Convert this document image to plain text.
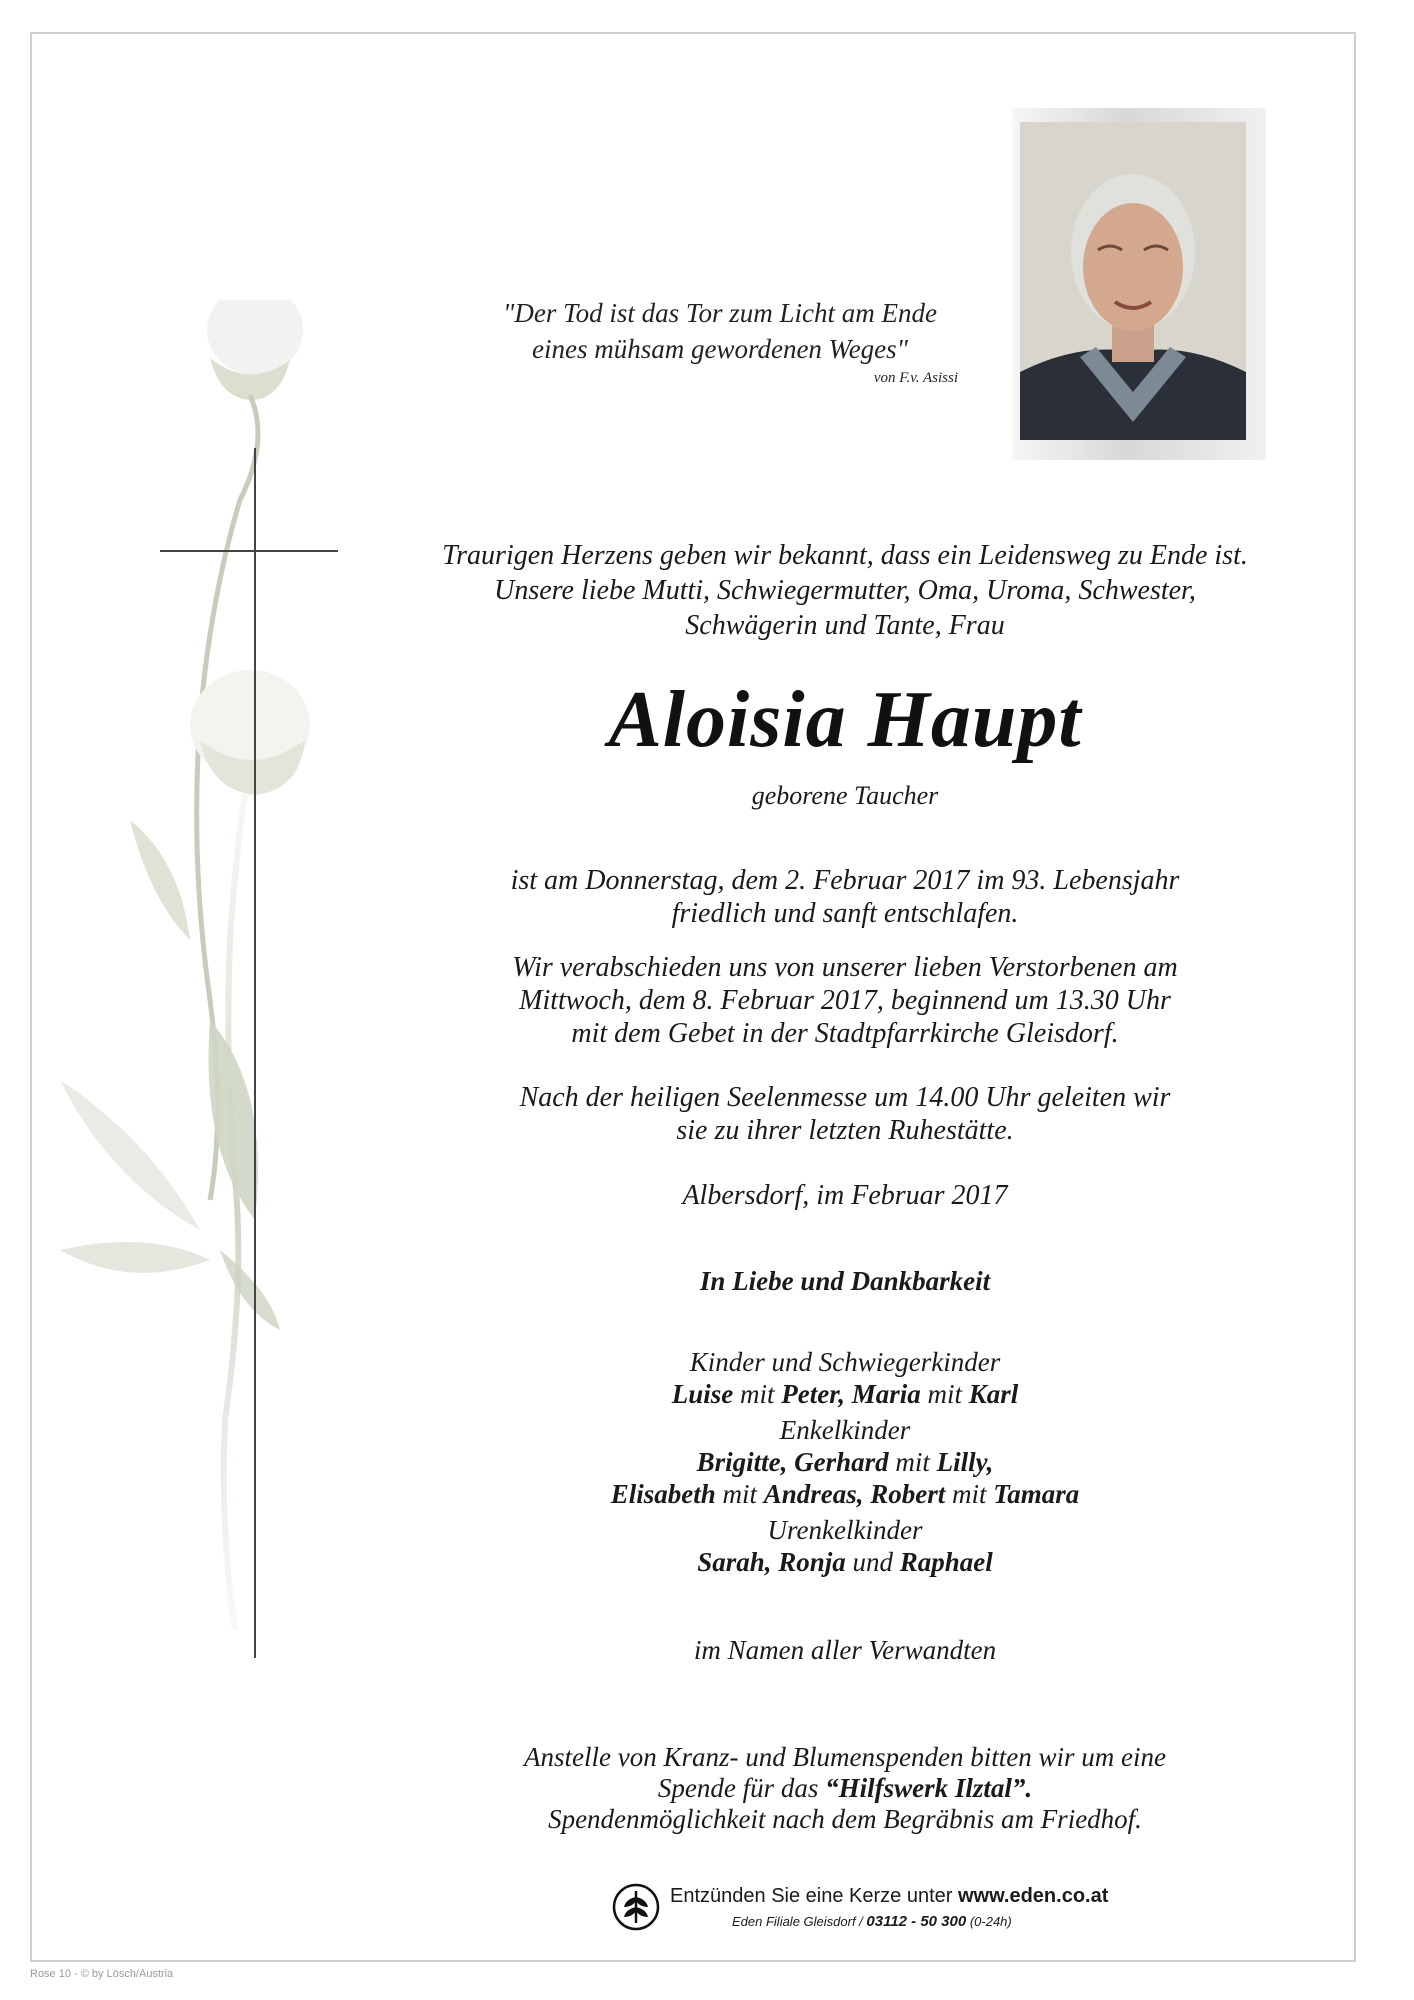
"Der Tod ist das Tor zum Licht am Ende
eines mühsam gewordenen Weges"
von F.v. Asissi
Traurigen Herzens geben wir bekannt, dass ein Leidensweg zu Ende ist.
Unsere liebe Mutti, Schwiegermutter, Oma, Uroma, Schwester,
Schwägerin und Tante, Frau
Aloisia Haupt
geborene Taucher
ist am Donnerstag, dem 2. Februar 2017 im 93. Lebensjahr
friedlich und sanft entschlafen.
Wir verabschieden uns von unserer lieben Verstorbenen am
Mittwoch, dem 8. Februar 2017, beginnend um 13.30 Uhr
mit dem Gebet in der Stadtpfarrkirche Gleisdorf.
Nach der heiligen Seelenmesse um 14.00 Uhr geleiten wir
sie zu ihrer letzten Ruhestätte.
Albersdorf, im Februar 2017
In Liebe und Dankbarkeit
Kinder und Schwiegerkinder
Luise mit Peter, Maria mit Karl
Enkelkinder
Brigitte, Gerhard mit Lilly,
Elisabeth mit Andreas, Robert mit Tamara
Urenkelkinder
Sarah, Ronja und Raphael
im Namen aller Verwandten
Anstelle von Kranz- und Blumenspenden bitten wir um eine
Spende für das “Hilfswerk Ilztal”.
Spendenmöglichkeit nach dem Begräbnis am Friedhof.
Entzünden Sie eine Kerze unter www.eden.co.at
Eden Filiale Gleisdorf / 03112 - 50 300 (0-24h)
Rose 10 - © by Lösch/Austria
